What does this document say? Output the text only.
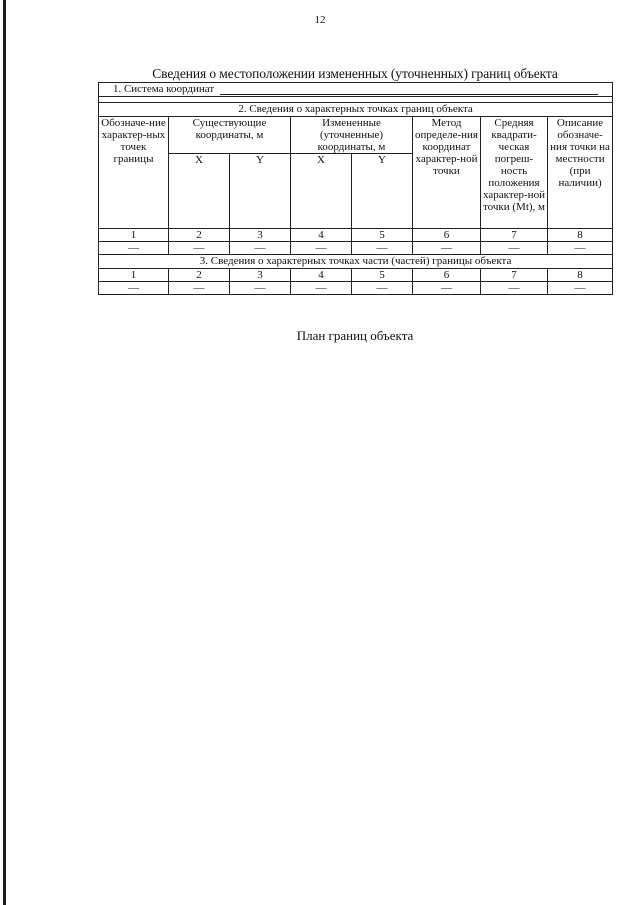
12
Сведения о местоположении измененных (уточненных) границ объекта
1. Система координат							

2. Сведения о характерных точках границ объекта							
Обозначе-ние характер-ных точек границы	Существующие координаты, м		Измененные (уточненные) координаты, м		Метод определе-ния координат характер-ной точки	Средняя квадрати-ческая погреш-ность положения характер-ной точки (Mt), м	Описание обозначе-ния точки на местности (при наличии)
	X	Y	X	Y			
1	2	3	4	5	6	7	8
—	—	—	—	—	—	—	—
3. Сведения о характерных точках части (частей) границы объекта							
1	2	3	4	5	6	7	8
—	—	—	—	—	—	—	—
План границ объекта
